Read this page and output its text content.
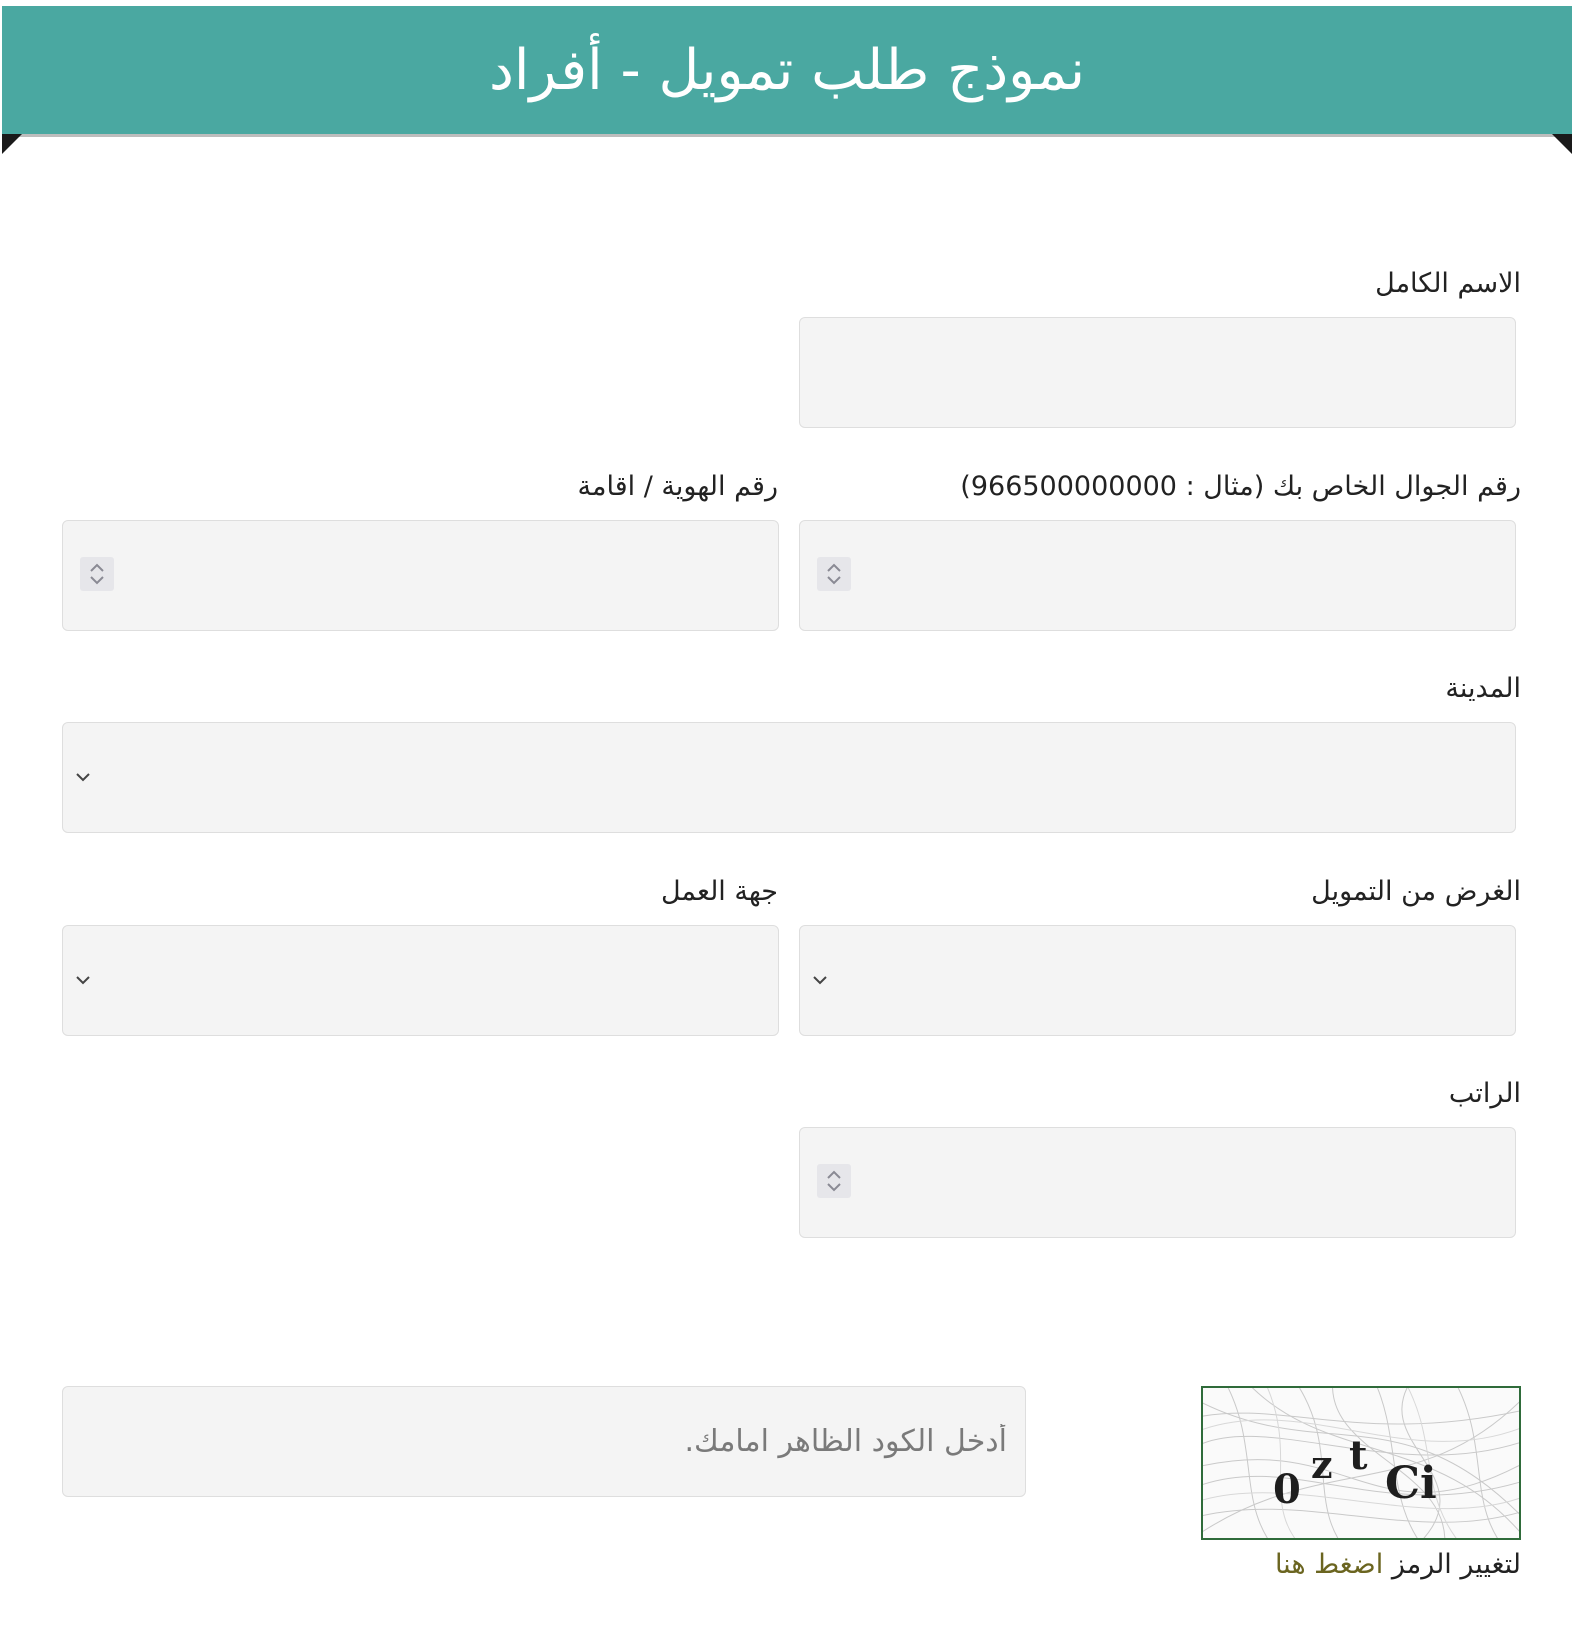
نموذج طلب تمويل - أفراد
الاسم الكامل
رقم الجوال الخاص بك (مثال : 966500000000)
رقم الهوية / اقامة
المدينة
الغرض من التمويل
جهة العمل
الراتب
أدخل الكود الظاهر امامك.
0
z t
Ci
لتغيير الرمز اضغط هنا
